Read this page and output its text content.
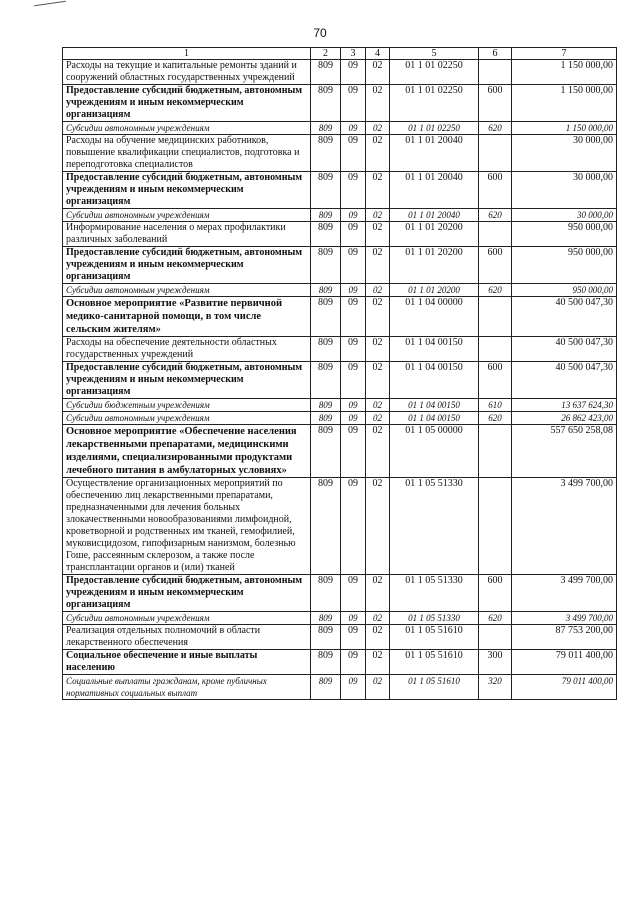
70
1	2	3	4	5	6	7
Расходы на текущие и капитальные ремонты зданий и сооружений областных государственных учреждений	809	09	02	01 1 01 02250		1 150 000,00
Предоставление субсидий бюджетным, автономным учреждениям и иным некоммерческим организациям	809	09	02	01 1 01 02250	600	1 150 000,00
Субсидии автономным учреждениям	809	09	02	01 1 01 02250	620	1 150 000,00
Расходы на обучение медицинских работников, повышение квалификации специалистов, подготовка и переподготовка специалистов	809	09	02	01 1 01 20040		30 000,00
Предоставление субсидий бюджетным, автономным учреждениям и иным некоммерческим организациям	809	09	02	01 1 01 20040	600	30 000,00
Субсидии автономным учреждениям	809	09	02	01 1 01 20040	620	30 000,00
Информирование населения о мерах профилактики различных заболеваний	809	09	02	01 1 01 20200		950 000,00
Предоставление субсидий бюджетным, автономным учреждениям и иным некоммерческим организациям	809	09	02	01 1 01 20200	600	950 000,00
Субсидии автономным учреждениям	809	09	02	01 1 01 20200	620	950 000,00
Основное мероприятие «Развитие первичной медико-санитарной помощи, в том числе сельским жителям»	809	09	02	01 1 04 00000		40 500 047,30
Расходы на обеспечение деятельности областных государственных учреждений	809	09	02	01 1 04 00150		40 500 047,30
Предоставление субсидий бюджетным, автономным учреждениям и иным некоммерческим организациям	809	09	02	01 1 04 00150	600	40 500 047,30
Субсидии бюджетным учреждениям	809	09	02	01 1 04 00150	610	13 637 624,30
Субсидии автономным учреждениям	809	09	02	01 1 04 00150	620	26 862 423,00
Основное мероприятие «Обеспечение населения лекарственными препаратами, медицинскими изделиями, специализированными продуктами лечебного питания в амбулаторных условиях»	809	09	02	01 1 05 00000		557 650 258,08
Осуществление организационных мероприятий по обеспечению лиц лекарственными препаратами, предназначенными для лечения больных злокачественными новообразованиями лимфоидной, кроветворной и родственных им тканей, гемофилией, муковисцидозом, гипофизарным нанизмом, болезнью Гоше, рассеянным склерозом, а также после трансплантации органов и (или) тканей	809	09	02	01 1 05 51330		3 499 700,00
Предоставление субсидий бюджетным, автономным учреждениям и иным некоммерческим организациям	809	09	02	01 1 05 51330	600	3 499 700,00
Субсидии автономным учреждениям	809	09	02	01 1 05 51330	620	3 499 700,00
Реализация отдельных полномочий в области лекарственного обеспечения	809	09	02	01 1 05 51610		87 753 200,00
Социальное обеспечение и иные выплаты населению	809	09	02	01 1 05 51610	300	79 011 400,00
Социальные выплаты гражданам, кроме публичных нормативных социальных выплат	809	09	02	01 1 05 51610	320	79 011 400,00
